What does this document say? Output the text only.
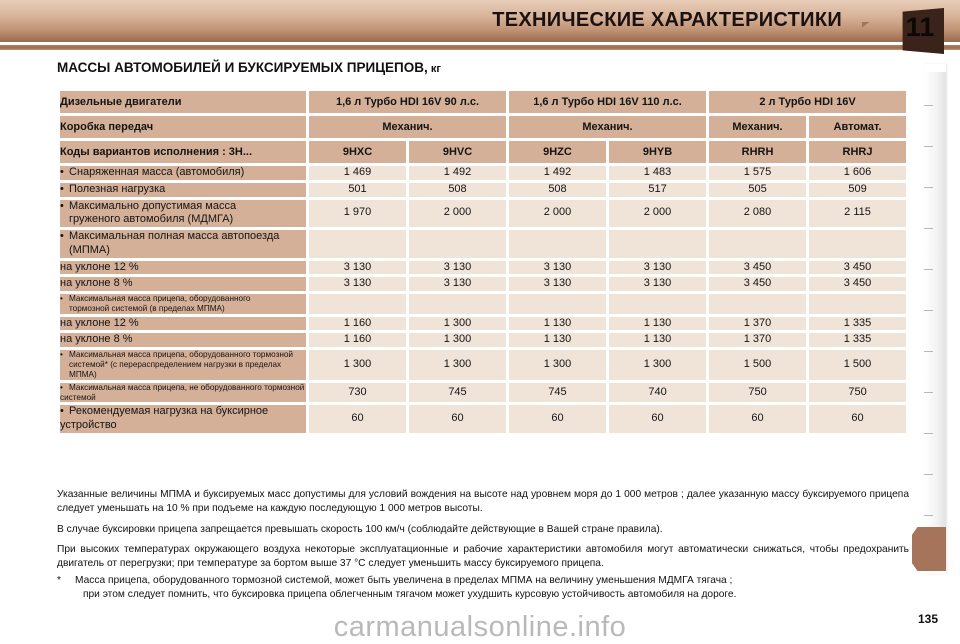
ТЕХНИЧЕСКИЕ ХАРАКТЕРИСТИКИ 11
МАССЫ АВТОМОБИЛЕЙ И БУКСИРУЕМЫХ ПРИЦЕПОВ, кг
Дизельные двигатели	1,6 л Турбо HDI 16V 90 л.с.		1,6 л Турбо HDI 16V 110 л.с.		2 л Турбо HDI 16V	
Коробка передач	Механич.		Механич.		Механич.	Автомат.
Коды вариантов исполнения : 3H...	9HXC	9HVC	9HZC	9HYB	RHRH	RHRJ
• Снаряженная масса (автомобиля)	1 469	1 492	1 492	1 483	1 575	1 606
• Полезная нагрузка	501	508	508	517	505	509
• Максимально допустимая масса
груженого автомобиля (МДМГА)	1 970	2 000	2 000	2 000	2 080	2 115
• Максимальная полная масса автопоезда
(МПМА)						

на уклоне 12 %	3 130	3 130	3 130	3 130	3 450	3 450
на уклоне 8 %	3 130	3 130	3 130	3 130	3 450	3 450
• Максимальная масса прицепа, оборудованного
тормозной системой (в пределах МПМА)						

на уклоне 12 %	1 160	1 300	1 130	1 130	1 370	1 335
на уклоне 8 %	1 160	1 300	1 130	1 130	1 370	1 335
• Максимальная масса прицепа, оборудованного тормозной
системой* (с перераспределением нагрузки в пределах МПМА)	1 300	1 300	1 300	1 300	1 500	1 500
• Максимальная масса прицепа, не оборудованного тормозной системой	730	745	745	740	750	750
• Рекомендуемая нагрузка на буксирное устройство	60	60	60	60	60	60

Указанные величины МПМА и буксируемых масс допустимы для условий вождения на высоте над уровнем моря до 1 000 метров ; далее указанную массу буксируемого прицепа следует уменьшать на 10 % при подъеме на каждую последующую 1 000 метров высоты.

В случае буксировки прицепа запрещается превышать скорость 100 км/ч (соблюдайте действующие в Вашей стране правила).

При высоких температурах окружающего воздуха некоторые эксплуатационные и рабочие характеристики автомобиля могут автоматически снижаться, чтобы предохранить двигатель от перегрузки; при температуре за бортом выше 37 °C следует уменьшить массу буксируемого прицепа.

*	Масса прицепа, оборудованного тормозной системой, может быть увеличена в пределах МПМА на величину уменьшения МДМГА тягача ;
при этом следует помнить, что буксировка прицепа облегченным тягачом может ухудшить курсовую устойчивость автомобиля на дороге.
135
carmanualsonline.info
